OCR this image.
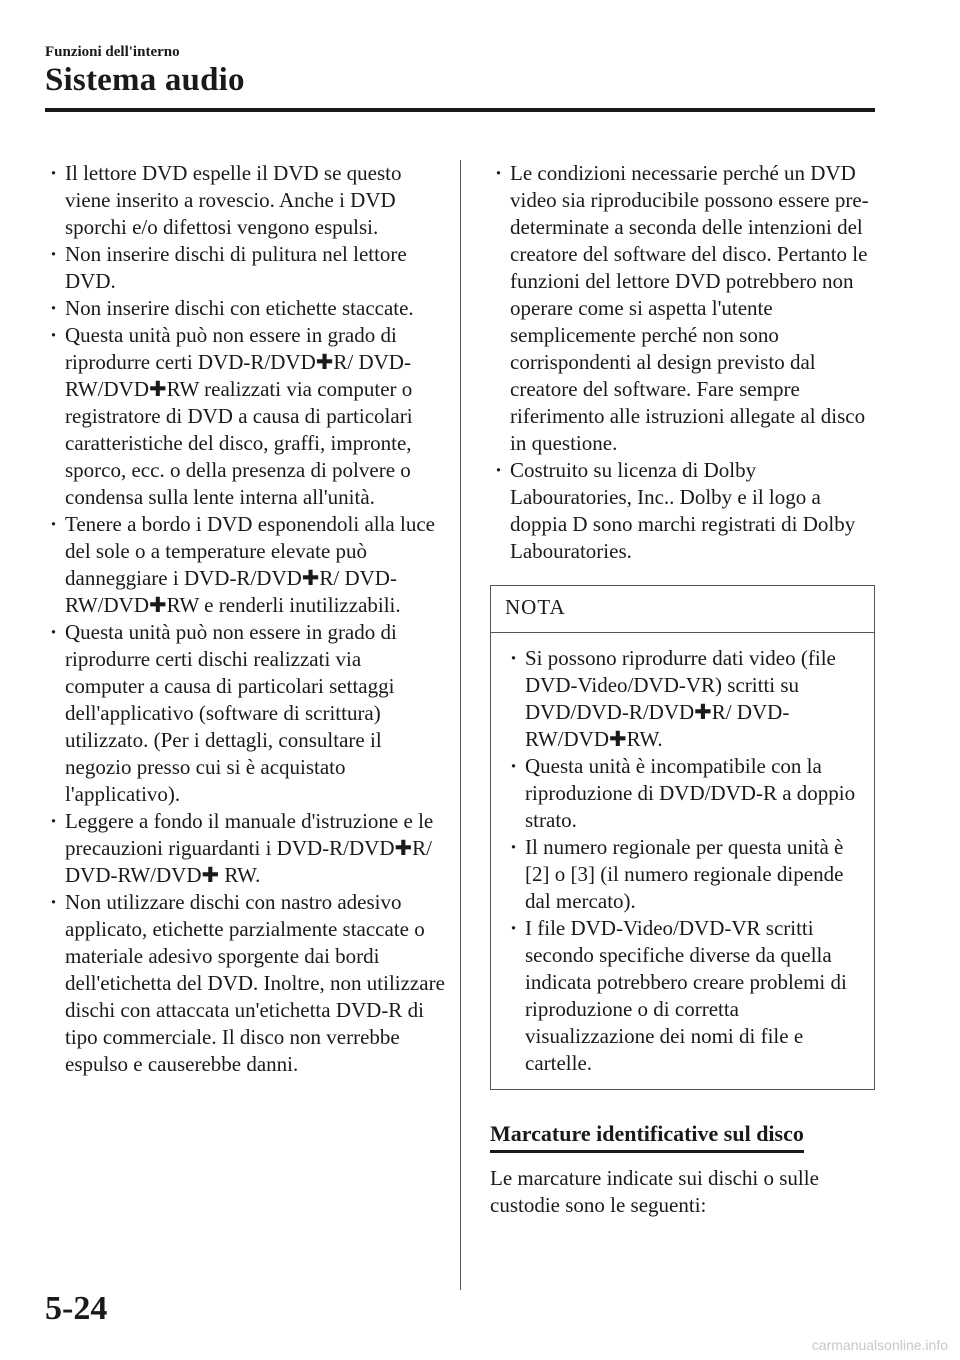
Funzioni dell'interno
Sistema audio
· Il lettore DVD espelle il DVD se questo viene inserito a rovescio. Anche i DVD sporchi e/o difettosi vengono espulsi.
· Non inserire dischi di pulitura nel lettore DVD.
· Non inserire dischi con etichette staccate.
· Questa unità può non essere in grado di riprodurre certi DVD-R/DVD✚R/ DVD-RW/DVD✚RW realizzati via computer o registratore di DVD a causa di particolari caratteristiche del disco, graffi, impronte, sporco, ecc. o della presenza di polvere o condensa sulla lente interna all'unità.
· Tenere a bordo i DVD esponendoli alla luce del sole o a temperature elevate può danneggiare i DVD-R/DVD✚R/ DVD-RW/DVD✚RW e renderli inutilizzabili.
· Questa unità può non essere in grado di riprodurre certi dischi realizzati via computer a causa di particolari settaggi dell'applicativo (software di scrittura) utilizzato. (Per i dettagli, consultare il negozio presso cui si è acquistato l'applicativo).
· Leggere a fondo il manuale d'istruzione e le precauzioni riguardanti i DVD-R/DVD✚R/ DVD-RW/DVD✚ RW.
· Non utilizzare dischi con nastro adesivo applicato, etichette parzialmente staccate o materiale adesivo sporgente dai bordi dell'etichetta del DVD. Inoltre, non utilizzare dischi con attaccata un'etichetta DVD-R di tipo commerciale. Il disco non verrebbe espulso e causerebbe danni.
· Le condizioni necessarie perché un DVD video sia riproducibile possono essere pre-determinate a seconda delle intenzioni del creatore del software del disco. Pertanto le funzioni del lettore DVD potrebbero non operare come si aspetta l'utente semplicemente perché non sono corrispondenti al design previsto dal creatore del software. Fare sempre riferimento alle istruzioni allegate al disco in questione.
· Costruito su licenza di Dolby Labouratories, Inc.. Dolby e il logo a doppia D sono marchi registrati di Dolby Labouratories.
NOTA
· Si possono riprodurre dati video (file DVD-Video/DVD-VR) scritti su DVD/DVD-R/DVD✚R/ DVD-RW/DVD✚RW.
· Questa unità è incompatibile con la riproduzione di DVD/DVD-R a doppio strato.
· Il numero regionale per questa unità è [2] o [3] (il numero regionale dipende dal mercato).
· I file DVD-Video/DVD-VR scritti secondo specifiche diverse da quella indicata potrebbero creare problemi di riproduzione o di corretta visualizzazione dei nomi di file e cartelle.
Marcature identificative sul disco
Le marcature indicate sui dischi o sulle custodie sono le seguenti:
5-24
carmanualsonline.info
